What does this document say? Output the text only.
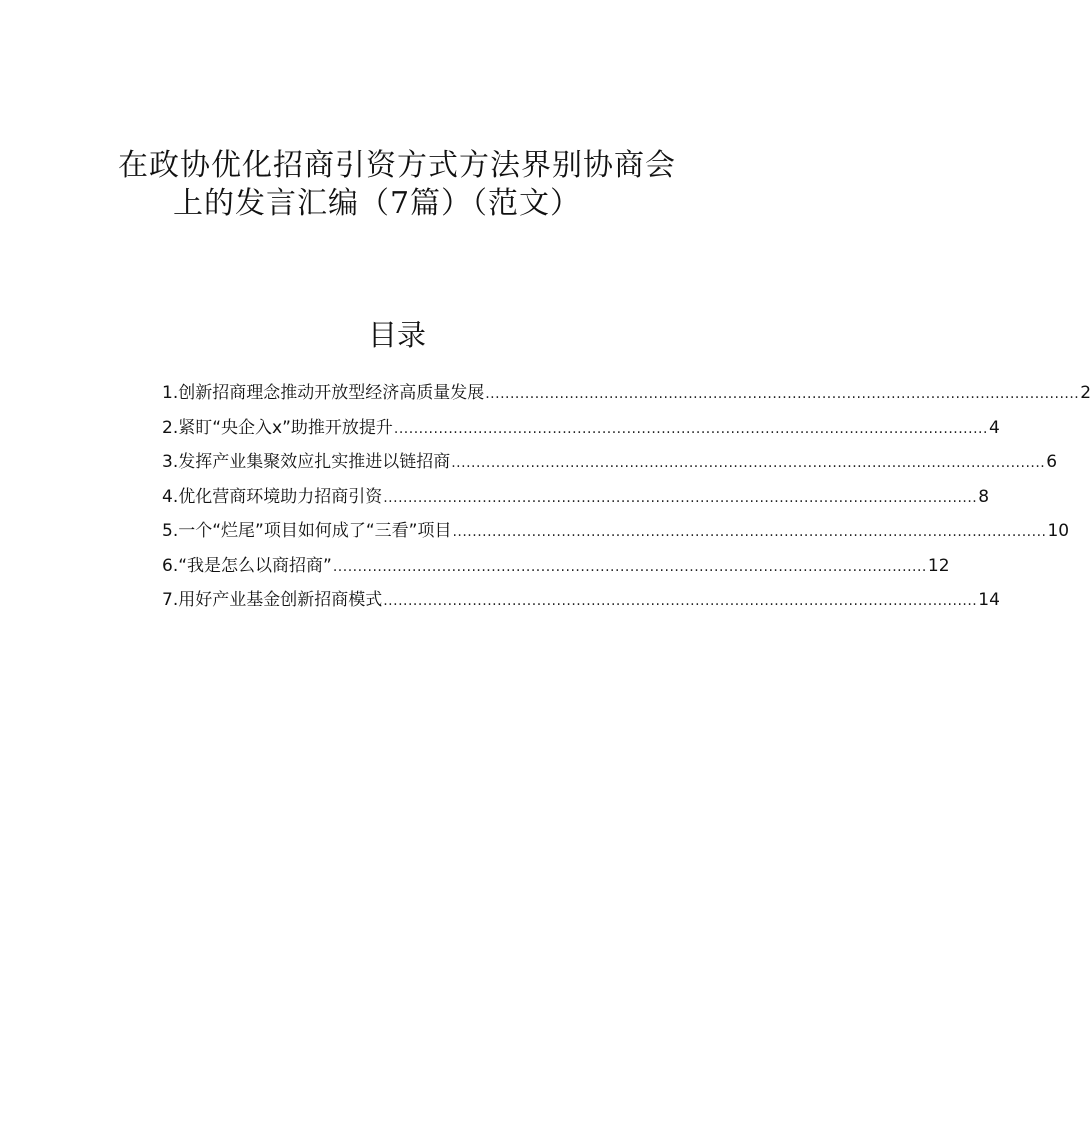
在政协优化招商引资方式方法界别协商会
上的发言汇编（7篇）（范文）
目录
1.创新招商理念推动开放型经济高质量发展 ........................................................................................................................ 2
2.紧盯“央企入x”助推开放提升 ........................................................................................................................ 4
3.发挥产业集聚效应扎实推进以链招商 ........................................................................................................................ 6
4.优化营商环境助力招商引资 ........................................................................................................................ 8
5.一个“烂尾”项目如何成了“三看”项目 ........................................................................................................................ 10
6.“我是怎么以商招商” ........................................................................................................................ 12
7.用好产业基金创新招商模式 ........................................................................................................................ 14
